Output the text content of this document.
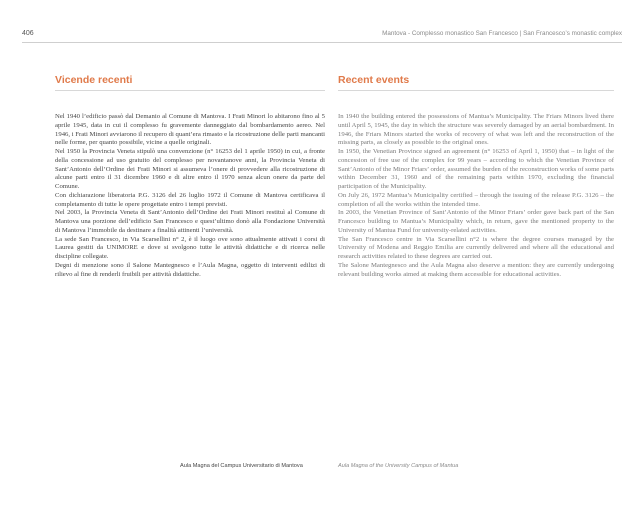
406	Mantova - Complesso monastico San Francesco | San Francesco’s monastic complex
Vicende recenti

Nel 1940 l’edificio passò dal Demanio al Comune di Mantova. I Frati Minori lo abitarono fino al 5 aprile 1945, data in cui il complesso fu gravemente danneggiato dal bombardamento aereo. Nel 1946, i Frati Minori avviarono il recupero di quant’era rimasto e la ricostruzione delle parti mancanti nelle forme, per quanto possibile, vicine a quelle originali.

Nel 1950 la Provincia Veneta stipulò una convenzione (n° 16253 del 1 aprile 1950) in cui, a fronte della concessione ad uso gratuito del complesso per novantanove anni, la Provincia Veneta di Sant’Antonio dell’Ordine dei Frati Minori si assumeva l’onere di provvedere alla ricostruzione di alcune parti entro il 31 dicembre 1960 e di altre entro il 1970 senza alcun onere da parte del Comune.

Con dichiarazione liberatoria P.G. 3126 del 26 luglio 1972 il Comune di Mantova certificava il completamento di tutte le opere progettate entro i tempi previsti.

Nel 2003, la Provincia Veneta di Sant’Antonio dell’Ordine dei Frati Minori restituì al Comune di Mantova una porzione dell’edificio San Francesco e quest’ultimo donò alla Fondazione Università di Mantova l’immobile da destinare a finalità attinenti l’università.

La sede San Francesco, in Via Scarsellini n° 2, è il luogo ove sono attualmente attivati i corsi di Laurea gestiti da UNIMORE e dove si svolgono tutte le attività didattiche e di ricerca nelle discipline collegate.

Degni di menzione sono il Salone Mantegnesco e l’Aula Magna, oggetto di interventi edilizi di rilievo al fine di renderli fruibili per attività didattiche.

Recent events

In 1940 the building entered the possessions of Mantua’s Municipality. The Friars Minors lived there until April 5, 1945, the day in which the structure was severely damaged by an aerial bombardment. In 1946, the Friars Minors started the works of recovery of what was left and the reconstruction of the missing parts, as closely as possible to the original ones.

In 1950, the Venetian Province signed an agreement (n° 16253 of April 1, 1950) that – in light of the concession of free use of the complex for 99 years – according to which the Venetian Province of Sant’Antonio of the Minor Friars’ order, assumed the burden of the reconstruction works of some parts within December 31, 1960 and of the remaining parts within 1970, excluding the financial participation of the Municipality.

On July 26, 1972 Mantua’s Municipality certified – through the issuing of the release P.G. 3126 – the completion of all the works within the intended time.

In 2003, the Venetian Province of Sant’Antonio of the Minor Friars’ order gave back part of the San Francesco building to Mantua’s Municipality which, in return, gave the mentioned property to the University of Mantua Fund for university-related activities.

The San Francesco centre in Via Scarsellini n°2 is where the degree courses managed by the University of Modena and Reggio Emilia are currently delivered and where all the educational and research activities related to these degrees are carried out.

The Salone Mantegnesco and the Aula Magna also deserve a mention: they are currently undergoing relevant building works aimed at making them accessible for educational activities.

Aula Magna del Campus Universitario di Mantova	Aula Magna of the University Campus of Mantua
